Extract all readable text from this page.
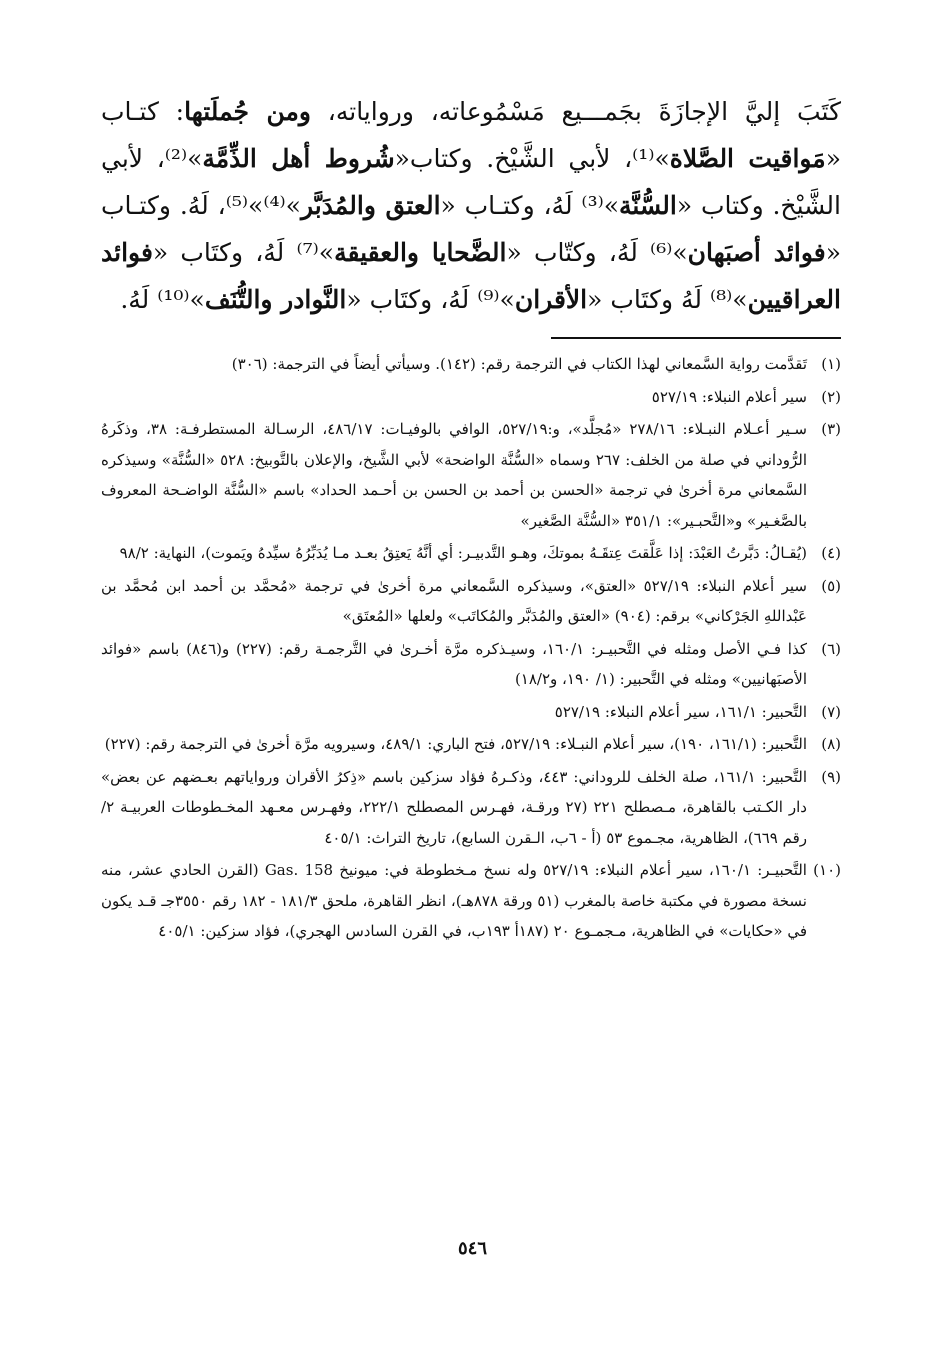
كَتَبَ إليَّ الإجازَةَ بجَمـــيع مَسْمُوعاته، ورواياته، ومن جُملَتها: كتـاب «مَواقيت الصَّلاة»⁽¹⁾، لأبي الشَّيْخ. وكتاب«شُروط أهل الذِّمَّة»⁽²⁾، لأبي الشَّيْخ. وكتاب «السُّنَّة»⁽³⁾ لَهُ، وكتـاب «العتق والمُدَبَّر»⁽⁴⁾»⁽⁵⁾، لَهُ. وكتـاب «فوائد أصبَهان»⁽⁶⁾ لَهُ، وكتّاب «الضَّحايا والعقيقة»⁽⁷⁾ لَهُ، وكتَاب «فوائد العراقيين»⁽⁸⁾ لَهُ وكتَاب «الأقران»⁽⁹⁾ لَهُ، وكتَاب «النَّوادر والتُّنَف»⁽¹⁰⁾ لَهُ.

(١)
تَقدَّمت رواية السَّمعاني لهذا الكتاب في الترجمة رقم: (١٤٢). وسيأتي أيضاً في الترجمة: (٣٠٦)
(٢)
سير أعلام النبلاء: ٥٢٧/١٩
(٣)
سـير أعـلام النبـلاء: ٢٧٨/١٦ «مُجلَّد»، و:٥٢٧/١٩، الوافي بالوفيـات: ٤٨٦/١٧، الرسـالة المستطرفـة: ٣٨، وذكَرهُ الرُّوداني في صلة من الخلف: ٢٦٧ وسماه «السُّنَّة الواضحة» لأبي الشَّيخ، والإعلان بالتَّوبيخ: ٥٢٨ «السُّنَّة» وسيذكره السَّمعاني مرة أخرىٰ في ترجمة «الحسن بن أحمد بن الحسن بن أحـمد الحداد» باسم «السُّنَّة الواضـحة المعروف بالصَّغـير» و«التَّحبـير»: ٣٥١/١ «السُّنَّة الصَّغير»
(٤)
(يُقـالُ: دَبَّرتُ العَبْدَ: إذا عَلَّقتَ عِتقَـهُ بموتكَ، وهـو التَّدبيـر: أي أنَّهُ يَعتِقُ بعـد مـا يُدَبِّرُهُ سيِّدهُ ويَموت)، النهاية: ٩٨/٢
(٥)
سير أعلام النبلاء: ٥٢٧/١٩ «العتق»، وسيذكره السَّمعاني مرة أخرىٰ في ترجمة «مُحمَّد بن أحمد ابن مُحمَّد بن عَبْداللهِ الجَرْكاني» برقم: (٩٠٤) «العتق والمُدَبَّر والمُكاتَب» ولعلها «المُعتَق»
(٦)
كذا فـي الأصل ومثله في التَّحبيـر: ١٦٠/١، وسيـذكره مرَّة أخـرىٰ في التَّرجمـة رقم: (٢٢٧) و(٨٤٦) باسم «فوائد الأصبَهانيين» ومثله في التَّحبير: (١/ ١٩٠، و١٨/٢)
(٧)
التَّحبير: ١٦١/١، سير أعلام النبلاء: ٥٢٧/١٩
(٨)
التَّحبير: (١٦١/١، ١٩٠)، سير أعلام النبـلاء: ٥٢٧/١٩، فتح الباري: ٤٨٩/١، وسيرويه مرَّة أخرىٰ في الترجمة رقم: (٢٢٧)
(٩)
التَّحبير: ١٦١/١، صلة الخلف للروداني: ٤٤٣، وذكـرهُ فؤاد سزكين باسم «ذِكرُ الأقران ورواياتهم بعـضهم عن بعض» دار الكـتب بالقاهرة، مـصطلح ٢٢١ (٢٧ ورقـة، فهـرس المصطلح ٢٢٢/١، وفهـرس معـهد المخـطوطات العربيـة ٢/رقم ٦٦٩)، الظاهرية، مجـموع ٥٣ (أ - ٦ب، الـقرن السابع)، تاريخ التراث: ٤٠٥/١
(١٠)
التَّحبيـر: ١٦٠/١، سير أعلام النبلاء: ٥٢٧/١٩ وله نسخ مـخطوطة في: ميونيخ Gas. 158 (القرن الحادي عشر، منه نسخة مصورة في مكتبة خاصة بالمغرب (٥١ ورقة ٨٧٨هـ)، انظر القاهرة، ملحق ١٨١/٣ - ١٨٢ رقم ٣٥٥٠جـ قـد يكون في «حكايات» في الظاهرية، مـجمـوع ٢٠ (١٨٧أ ١٩٣ب، في القرن السادس الهجري)، فؤاد سزكين: ٤٠٥/١
٥٤٦
